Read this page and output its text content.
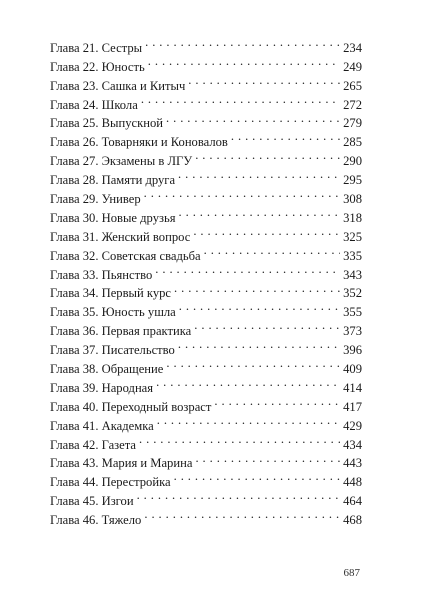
Глава 21. Сестры . . .	234
Глава 22. Юность . . .	249
Глава 23. Сашка и Китыч . . .	265
Глава 24. Школа . . .	272
Глава 25. Выпускной . . .	279
Глава 26. Товарняки и Коновалов . . .	285
Глава 27. Экзамены в ЛГУ . . .	290
Глава 28. Памяти друга . . .	295
Глава 29. Универ . . .	308
Глава 30. Новые друзья . . .	318
Глава 31. Женский вопрос . . .	325
Глава 32. Советская свадьба . . .	335
Глава 33. Пьянство . . .	343
Глава 34. Первый курс . . .	352
Глава 35. Юность ушла . . .	355
Глава 36. Первая практика . . .	373
Глава 37. Писательство . . .	396
Глава 38. Обращение . . .	409
Глава 39. Народная . . .	414
Глава 40. Переходный возраст . . .	417
Глава 41. Академка . . .	429
Глава 42. Газета . . .	434
Глава 43. Мария и Марина . . .	443
Глава 44. Перестройка . . .	448
Глава 45. Изгои . . .	464
Глава 46. Тяжело . . .	468
687
